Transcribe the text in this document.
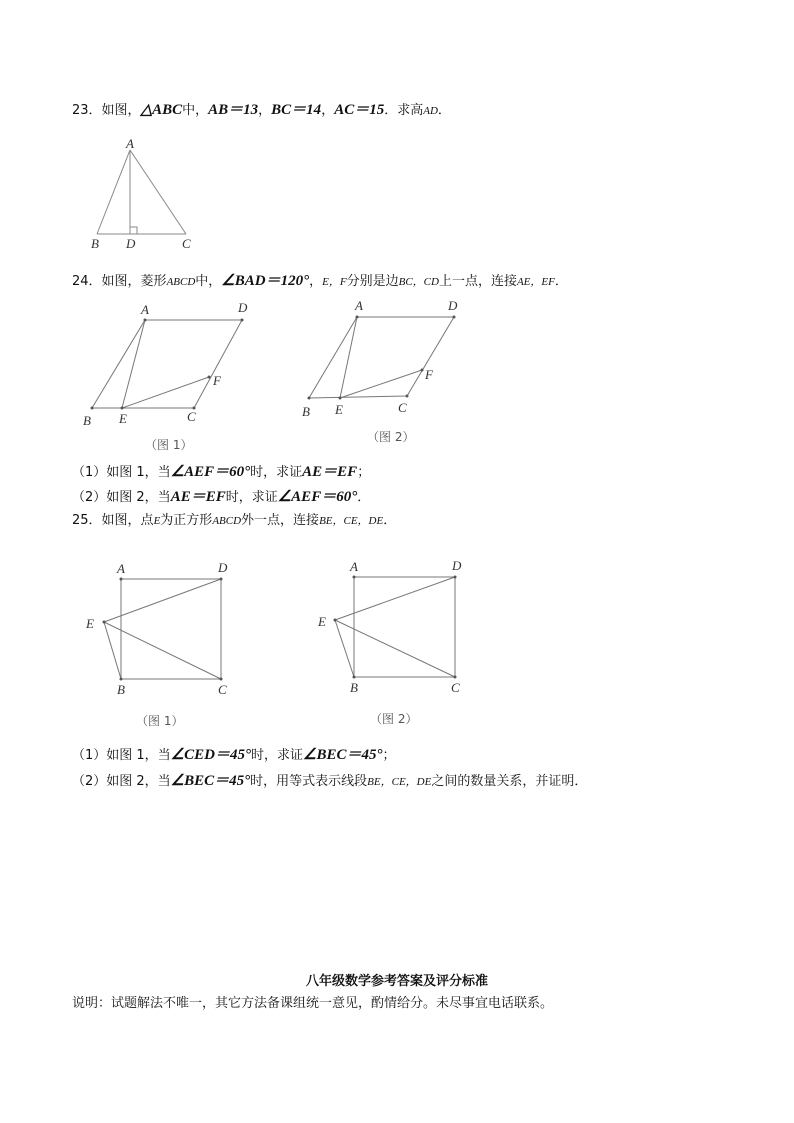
23．如图，△ABC中，AB＝13，BC＝14，AC＝15．求高AD．
A
B D	C
24．如图，菱形ABCD中，∠BAD＝120°，E，F分别是边BC，CD上一点，连接AE，EF．
A	D
B E	C
F
（图 1）
A	D
B E	C
F
（图 2）
（1）如图 1，当∠AEF＝60°时，求证AE＝EF；
（2）如图 2，当AE＝EF时，求证∠AEF＝60°．
25．如图，点E为正方形ABCD外一点，连接BE，CE，DE．
A	D
E
B	C
（图 1）
A	D
E
B	C
（图 2）
（1）如图 1，当∠CED＝45°时，求证∠BEC＝45°；
（2）如图 2，当∠BEC＝45°时，用等式表示线段BE，CE，DE之间的数量关系，并证明．
八年级数学参考答案及评分标准
说明：试题解法不唯一，其它方法备课组统一意见，酌情给分。未尽事宜电话联系。
